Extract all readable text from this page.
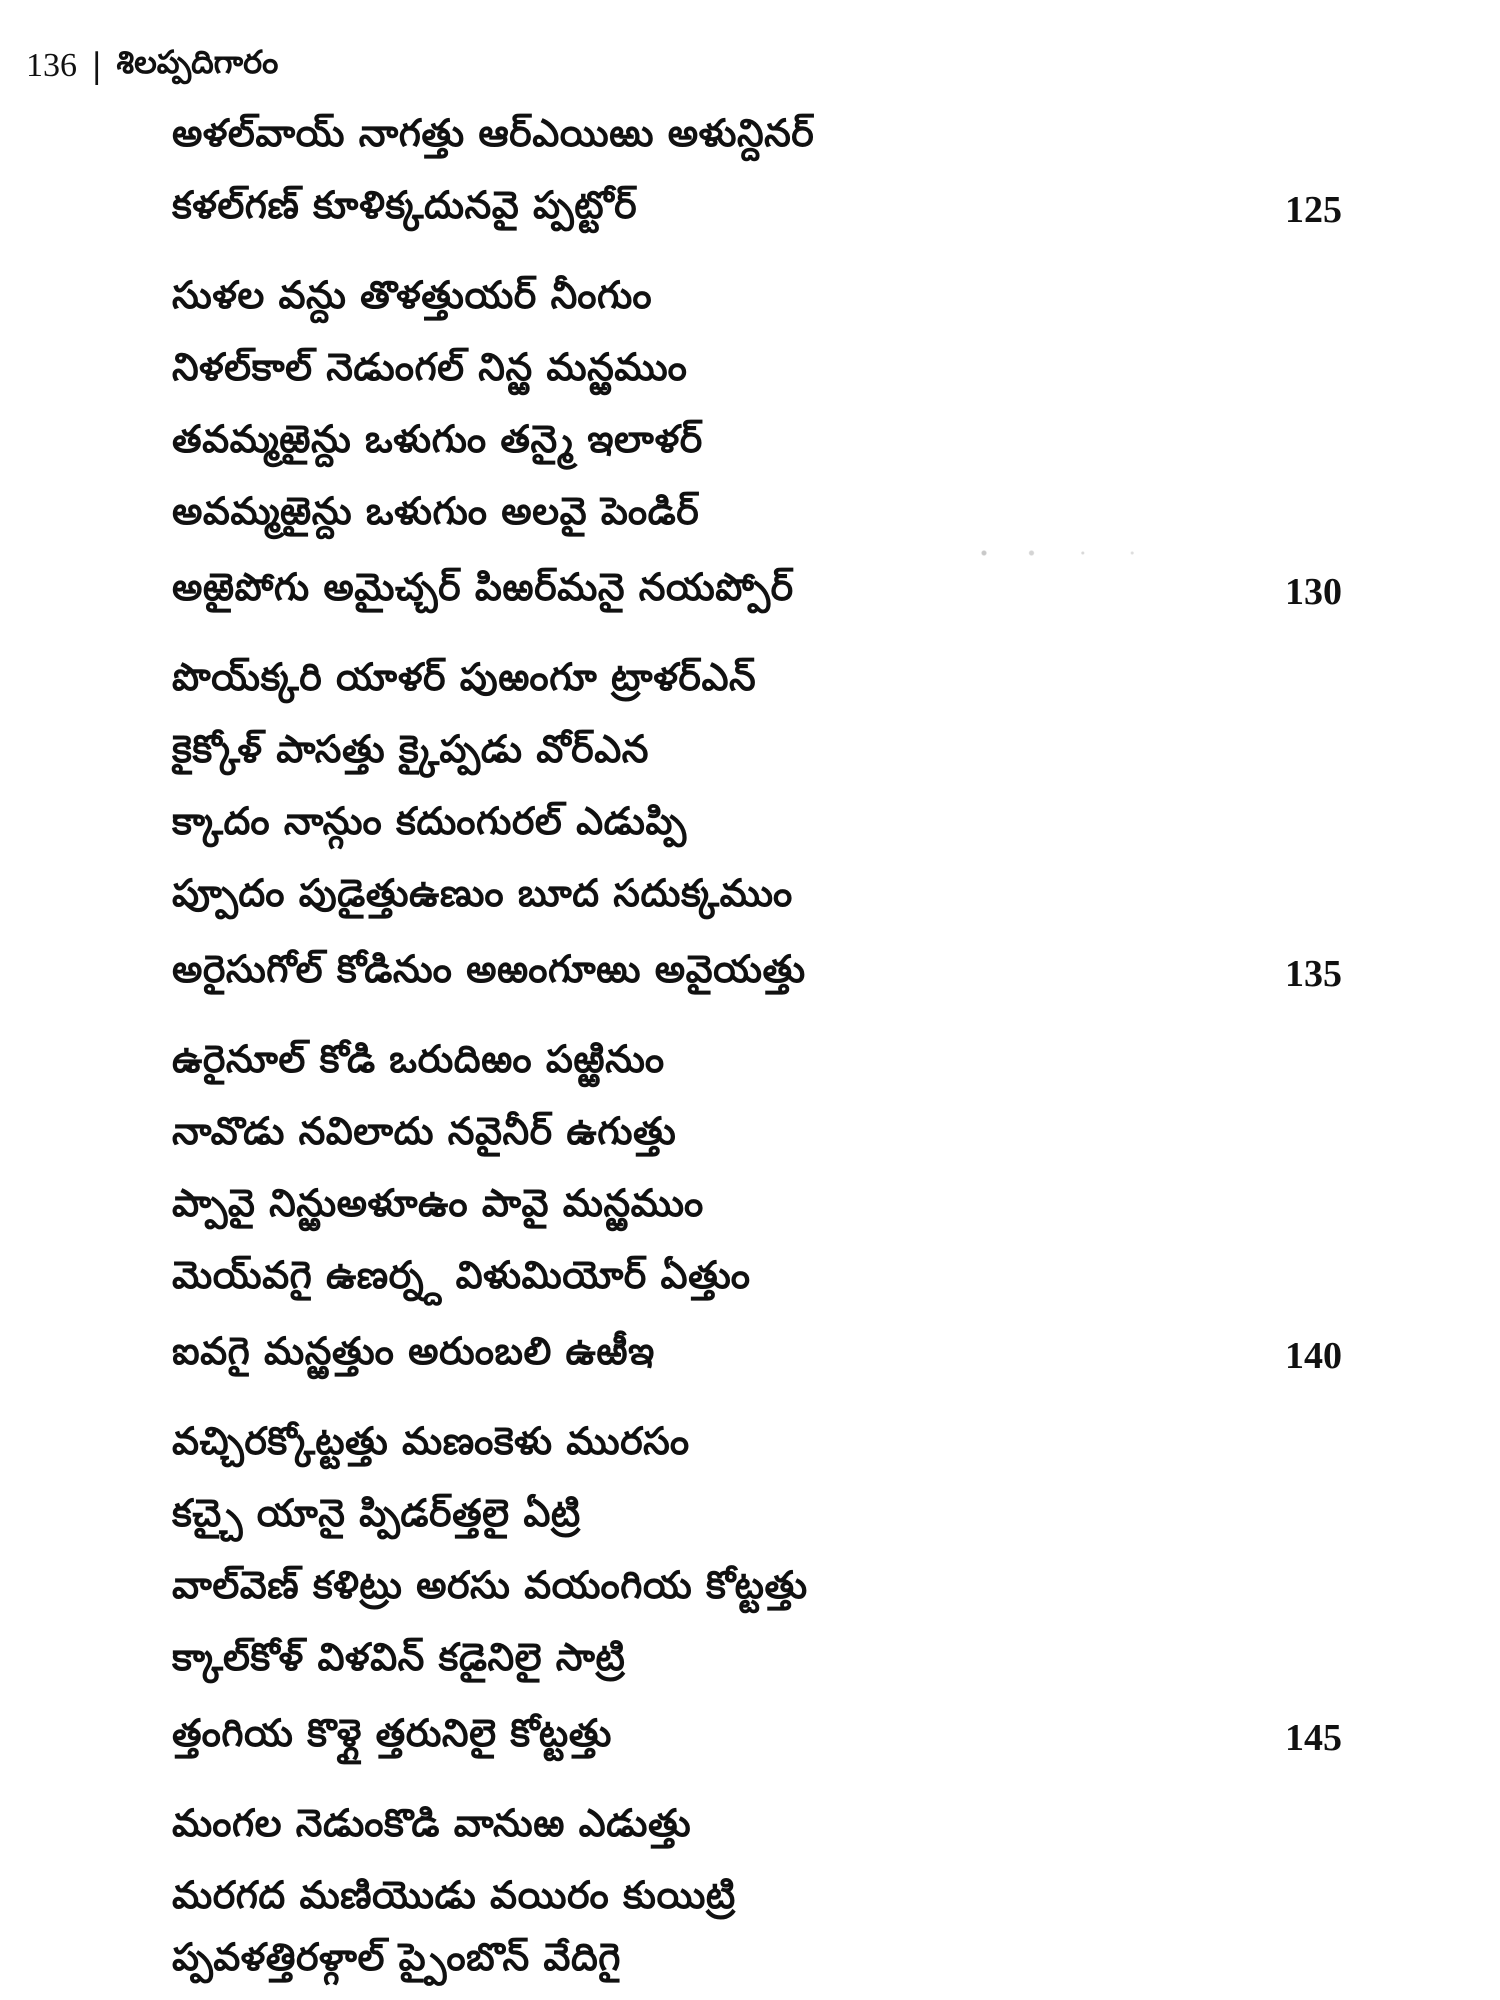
136 | శిలప్పదిగారం
అళల్‌వాయ్‌ నాగత్తు ఆర్‌ఎయిఱు అళున్దినర్‌
కళల్‌గణ్‌ కూళిక్కదునవై ప్పట్టోర్‌	125
సుళల వన్దు తొళత్తుయర్‌ నీంగుం
నిళల్‌కాల్‌ నెడుంగల్‌ నిన్ఱ మన్ఱముం
తవమ్మఱైన్దు ఒళుగుం తన్మై ఇలాళర్‌
అవమ్మఱైన్దు ఒళుగుం అలవై పెండిర్‌
అఱైపోగు అమైచ్చర్‌ పిఱర్‌మనై నయప్పోర్‌	130
పొయ్‌క్కరి యాళర్‌ పుఱంగూ ట్రాళర్‌ఎన్‌
కైక్కోళ్‌ పాసత్తు క్కైప్పడు వోర్‌ఎన
క్కాదం నాన్గుం కదుంగురల్‌ ఎడుప్పి
ప్పూదం పుడైత్తుఉణుం బూద సదుక్కముం
అరైసుగోల్‌ కోడినుం అఱంగూఱు అవైయత్తు	135
ఉరైనూల్‌ కోడి ఒరుదిఱం పఱ్ఱినుం
నావొడు నవిలాదు నవైనీర్‌ ఉగుత్తు
ప్పావై నిన్ఱుఅళూఉం పావై మన్ఱముం
మెయ్‌వగై ఉణర్న్ద విళుమియోర్‌ ఏత్తుం
ఐవగై మన్ఱత్తుం అరుంబలి ఉఱీఇ	140
వచ్చిరక్కోట్టత్తు మణంకెళు మురసం
కచ్చై యానై ప్పిడర్‌త్తలై ఏట్రి
వాల్‌వెణ్‌ కళిట్రు అరసు వయంగియ కోట్టత్తు
క్కాల్‌కోళ్‌ విళవిన్‌ కడైనిలై సాట్రి
త్తంగియ కొళ్గై త్తరునిలై కోట్టత్తు	145
మంగల నెడుంకొడి వానుఱ ఎడుత్తు
మరగద మణియొడు వయిరం కుయిట్రి
ప్పవళత్తిరళ్గాల్‌ ప్పైంబొన్‌ వేదిగై
